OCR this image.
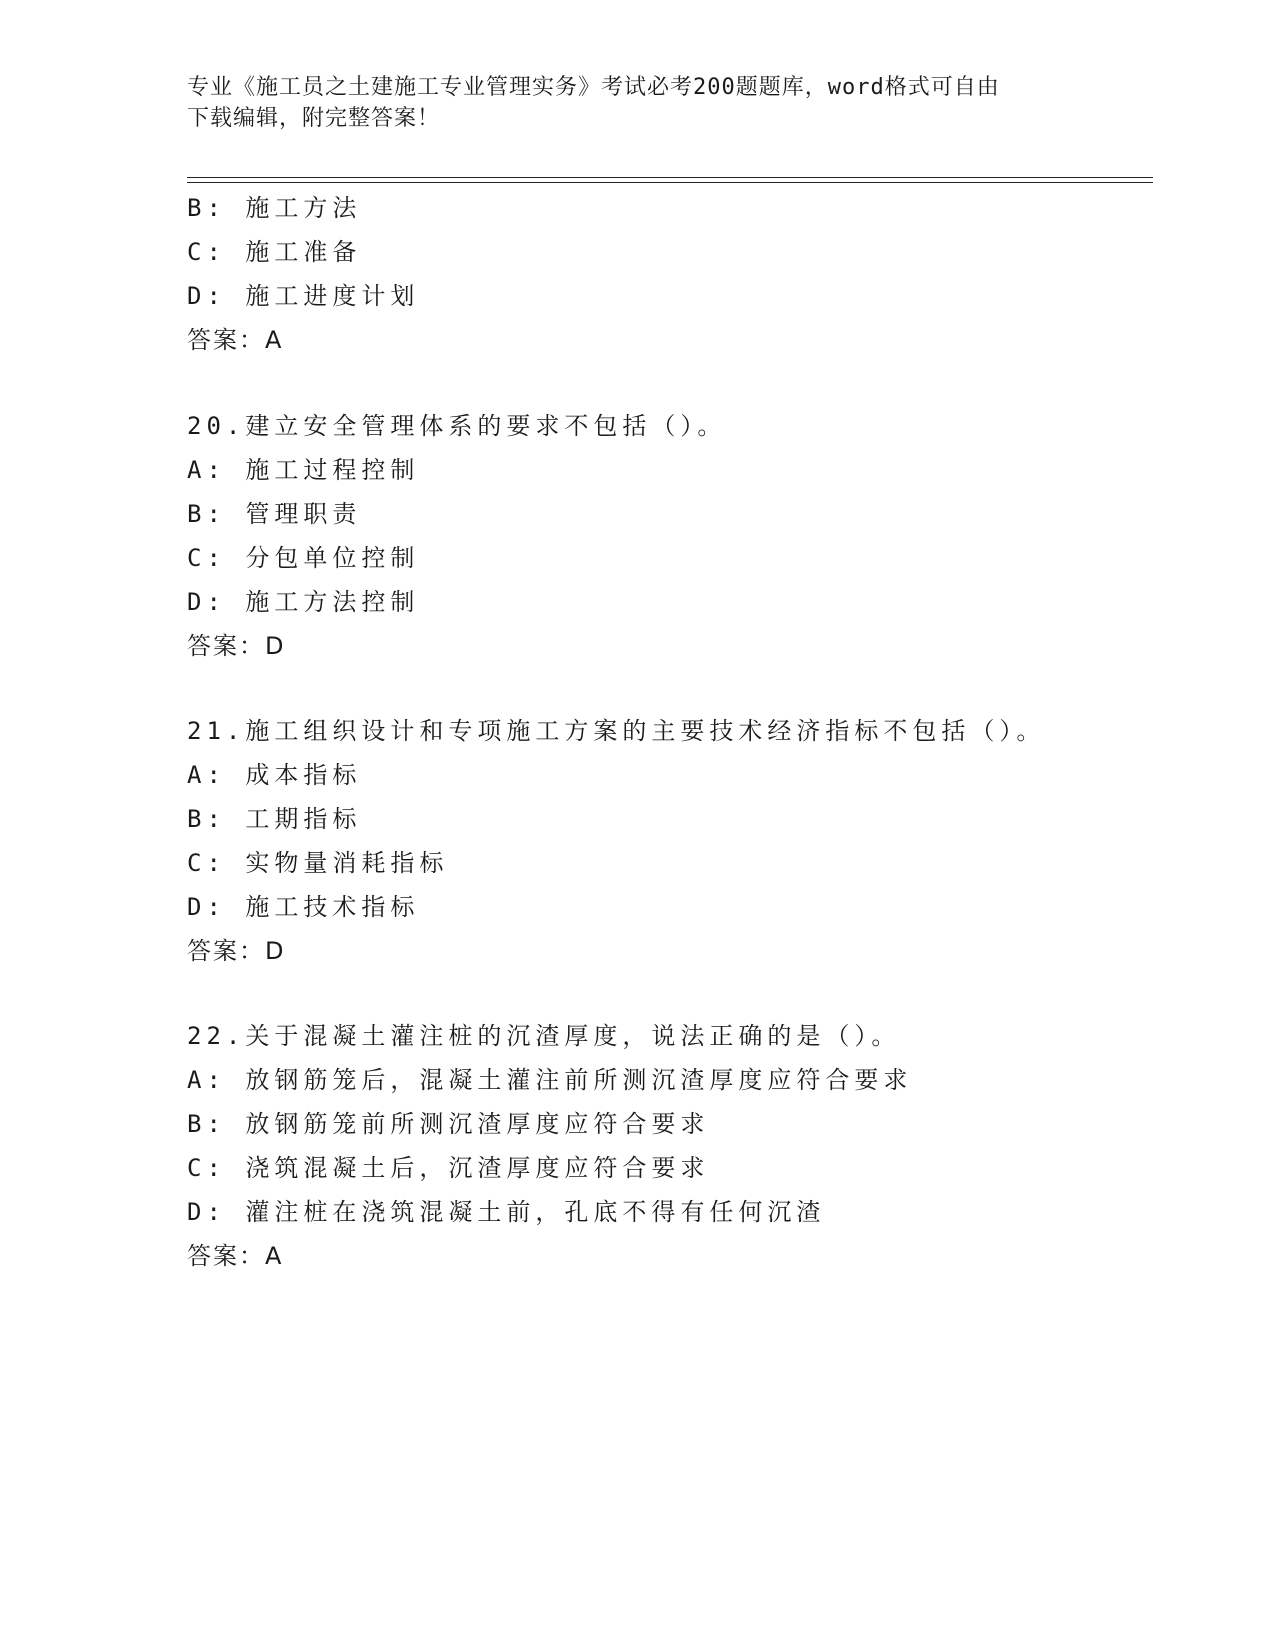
专业《施工员之土建施工专业管理实务》考试必考200题题库，word格式可自由
下载编辑，附完整答案！
B: 施工方法
C: 施工准备
D: 施工进度计划
答案：A
20.建立安全管理体系的要求不包括（）。
A: 施工过程控制
B: 管理职责
C: 分包单位控制
D: 施工方法控制
答案：D
21.施工组织设计和专项施工方案的主要技术经济指标不包括（）。
A: 成本指标
B: 工期指标
C: 实物量消耗指标
D: 施工技术指标
答案：D
22.关于混凝土灌注桩的沉渣厚度，说法正确的是（）。
A: 放钢筋笼后，混凝土灌注前所测沉渣厚度应符合要求
B: 放钢筋笼前所测沉渣厚度应符合要求
C: 浇筑混凝土后，沉渣厚度应符合要求
D: 灌注桩在浇筑混凝土前，孔底不得有任何沉渣
答案：A
